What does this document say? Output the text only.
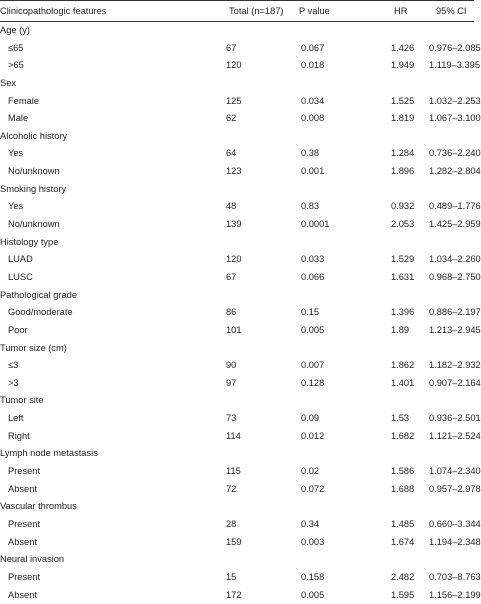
Clinicopathologic features	Total (n=187) P value	HR	95% CI
Age (y)
≤65	67	0.067	1.426 0.976–2.085
>65	120	0.018	1.949 1.119–3.395
Sex
Female	125	0.034	1.525 1.032–2.253
Male	62	0.008	1.819 1.067–3.100
Alcoholic history
Yes	64	0.38	1.284 0.736–2.240
No/unknown	123	0.001	1.896 1.282–2.804
Smoking history
Yes	48	0.83	0.932 0.489–1.776
No/unknown	139	0.0001	2.053 1.425–2.959
Histology type
LUAD	120	0.033	1.529 1.034–2.260
LUSC	67	0.066	1.631 0.968–2.750
Pathological grade
Good/moderate	86	0.15	1.396 0.886–2.197
Poor	101	0.005	1.89 1.213–2.945
Tumor size (cm)
≤3	90	0.007	1.862 1.182–2.932
>3	97	0.128	1.401 0.907–2.164
Tumor site
Left	73	0.09	1.53 0.936–2.501
Right	114	0.012	1.682 1.121–2.524
Lymph node metastasis
Present	115	0.02	1.586 1.074–2.340
Absent	72	0.072	1.688 0.957–2.978
Vascular thrombus
Present	28	0.34	1.485 0.660–3.344
Absent	159	0.003	1.674 1.194–2.348
Neural invasion
Present	15	0.158	2.482 0.703–8.763
Absent	172	0.005	1.595 1.156–2.199
